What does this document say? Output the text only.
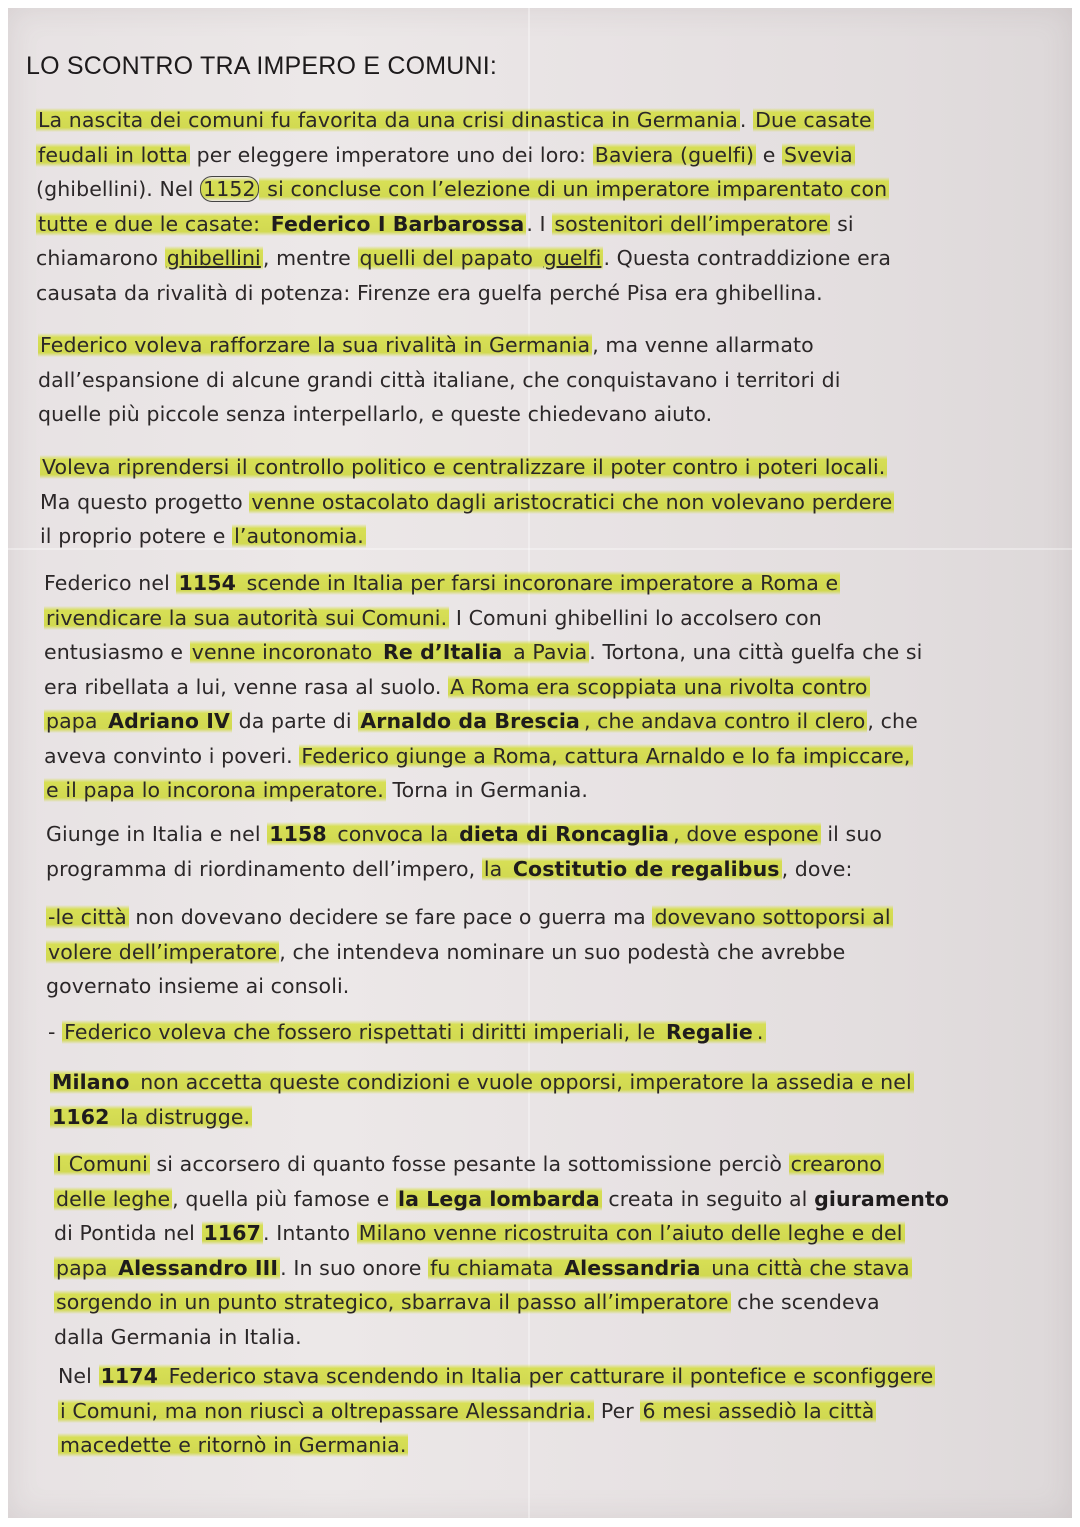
LO SCONTRO TRA IMPERO E COMUNI:
La nascita dei comuni fu favorita da una crisi dinastica in Germania. Due casate
feudali in lotta per eleggere imperatore uno dei loro: Baviera (guelfi) e Svevia
(ghibellini). Nel 1152 si concluse con l’elezione di un imperatore imparentato con
tutte e due le casate: Federico I Barbarossa. I sostenitori dell’imperatore si
chiamarono ghibellini, mentre quelli del papato guelfi. Questa contraddizione era
causata da rivalità di potenza: Firenze era guelfa perché Pisa era ghibellina.
Federico voleva rafforzare la sua rivalità in Germania, ma venne allarmato
dall’espansione di alcune grandi città italiane, che conquistavano i territori di
quelle più piccole senza interpellarlo, e queste chiedevano aiuto.
Voleva riprendersi il controllo politico e centralizzare il poter contro i poteri locali.
Ma questo progetto venne ostacolato dagli aristocratici che non volevano perdere
il proprio potere e l’autonomia.
Federico nel 1154 scende in Italia per farsi incoronare imperatore a Roma e
rivendicare la sua autorità sui Comuni. I Comuni ghibellini lo accolsero con
entusiasmo e venne incoronato Re d’Italia a Pavia. Tortona, una città guelfa che si
era ribellata a lui, venne rasa al suolo. A Roma era scoppiata una rivolta contro
papa Adriano IV da parte di Arnaldo da Brescia , che andava contro il clero, che
aveva convinto i poveri. Federico giunge a Roma, cattura Arnaldo e lo fa impiccare,
e il papa lo incorona imperatore. Torna in Germania.
Giunge in Italia e nel 1158 convoca la dieta di Roncaglia , dove espone il suo
programma di riordinamento dell’impero, la Costitutio de regalibus, dove:
-le città non dovevano decidere se fare pace o guerra ma dovevano sottoporsi al
volere dell’imperatore, che intendeva nominare un suo podestà che avrebbe
governato insieme ai consoli.
- Federico voleva che fossero rispettati i diritti imperiali, le Regalie .
Milano non accetta queste condizioni e vuole opporsi, imperatore la assedia e nel
1162 la distrugge.
I Comuni si accorsero di quanto fosse pesante la sottomissione perciò crearono
delle leghe, quella più famose e la Lega lombarda creata in seguito al giuramento
di Pontida nel 1167. Intanto Milano venne ricostruita con l’aiuto delle leghe e del
papa Alessandro III. In suo onore fu chiamata Alessandria una città che stava
sorgendo in un punto strategico, sbarrava il passo all’imperatore che scendeva
dalla Germania in Italia.
Nel 1174 Federico stava scendendo in Italia per catturare il pontefice e sconfiggere
i Comuni, ma non riuscì a oltrepassare Alessandria. Per 6 mesi assediò la città
macedette e ritornò in Germania.
